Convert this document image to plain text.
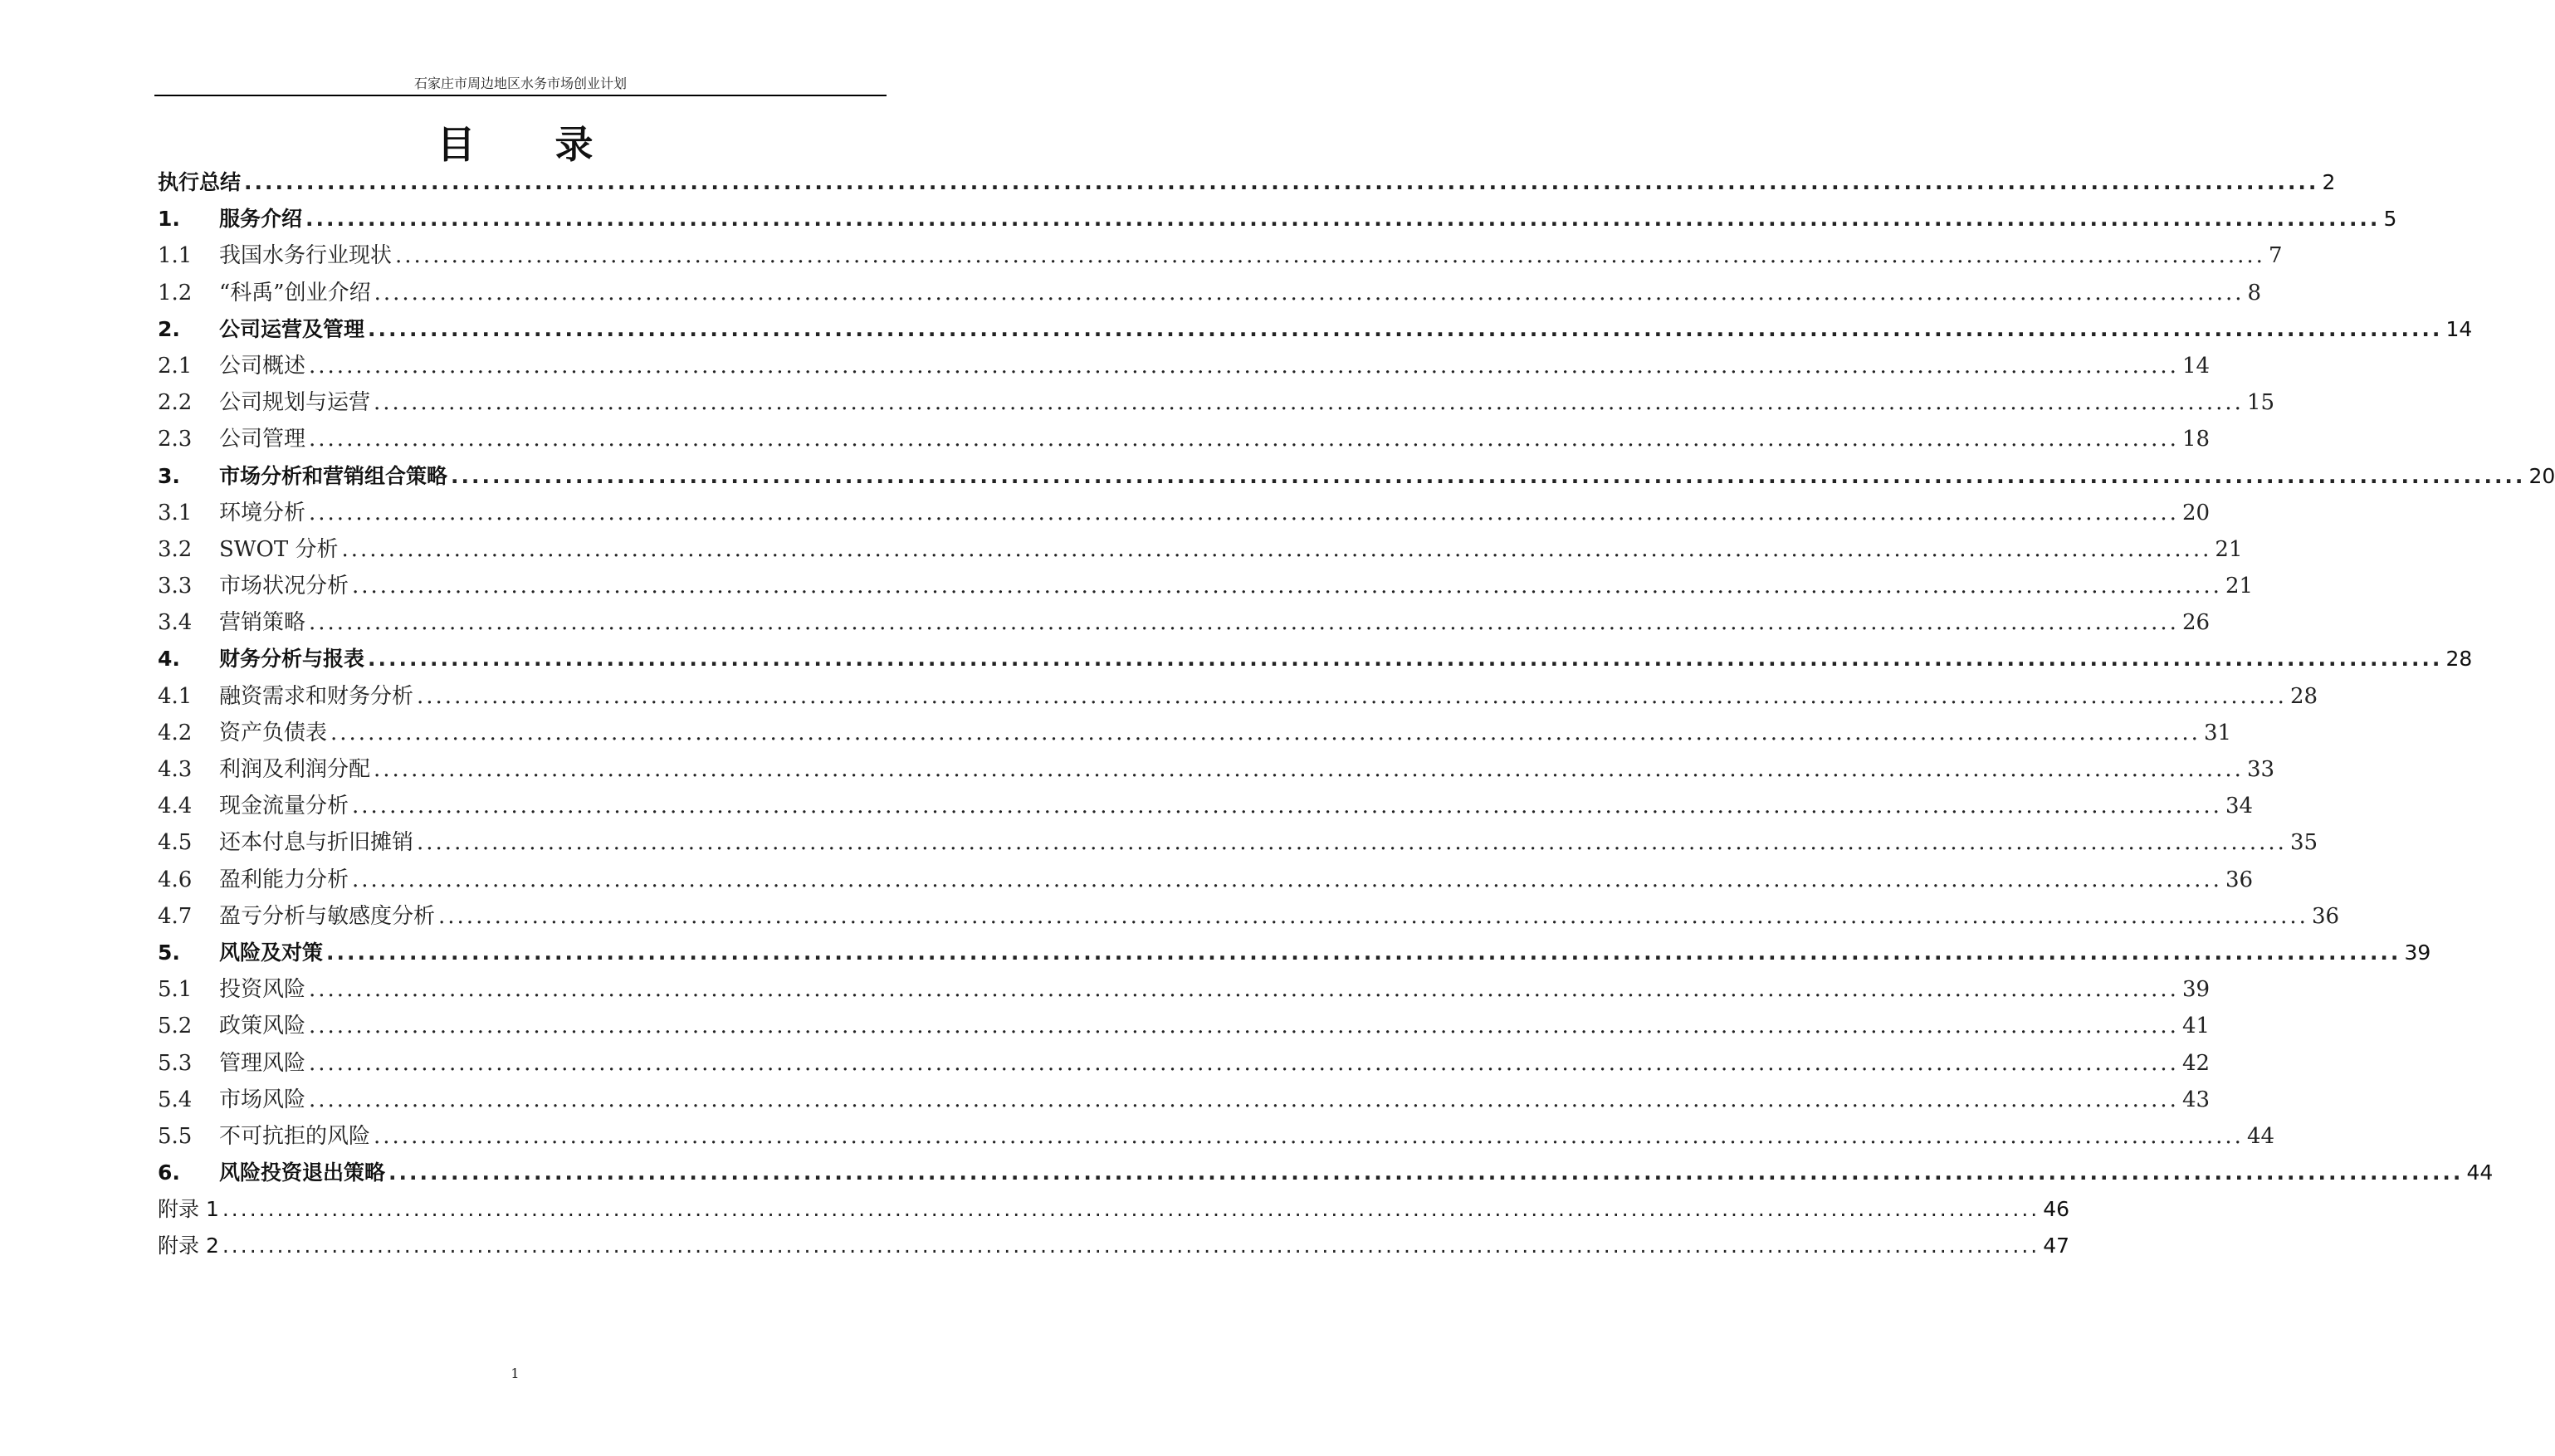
石家庄市周边地区水务市场创业计划
目 录
执行总结 ........................................................................................................................................................................................................ 2
1.	服务介绍 ........................................................................................................................................................................................................ 5
1.1	我国水务行业现状 ........................................................................................................................................................................................................ 7
1.2	“科禹”创业介绍 ........................................................................................................................................................................................................ 8
2.	公司运营及管理 ........................................................................................................................................................................................................ 14
2.1	公司概述 ........................................................................................................................................................................................................ 14
2.2	公司规划与运营 ........................................................................................................................................................................................................ 15
2.3	公司管理 ........................................................................................................................................................................................................ 18
3.	市场分析和营销组合策略 ........................................................................................................................................................................................................ 20
3.1	环境分析 ........................................................................................................................................................................................................ 20
3.2	SWOT 分析 ........................................................................................................................................................................................................ 21
3.3	市场状况分析 ........................................................................................................................................................................................................ 21
3.4	营销策略 ........................................................................................................................................................................................................ 26
4.	财务分析与报表 ........................................................................................................................................................................................................ 28
4.1	融资需求和财务分析 ........................................................................................................................................................................................................ 28
4.2	资产负债表 ........................................................................................................................................................................................................ 31
4.3	利润及利润分配 ........................................................................................................................................................................................................ 33
4.4	现金流量分析 ........................................................................................................................................................................................................ 34
4.5	还本付息与折旧摊销 ........................................................................................................................................................................................................ 35
4.6	盈利能力分析 ........................................................................................................................................................................................................ 36
4.7	盈亏分析与敏感度分析 ........................................................................................................................................................................................................ 36
5.	风险及对策 ........................................................................................................................................................................................................ 39
5.1	投资风险 ........................................................................................................................................................................................................ 39
5.2	政策风险 ........................................................................................................................................................................................................ 41
5.3	管理风险 ........................................................................................................................................................................................................ 42
5.4	市场风险 ........................................................................................................................................................................................................ 43
5.5	不可抗拒的风险 ........................................................................................................................................................................................................ 44
6.	风险投资退出策略 ........................................................................................................................................................................................................ 44
附录 1 ........................................................................................................................................................................................................ 46
附录 2 ........................................................................................................................................................................................................ 47
1
